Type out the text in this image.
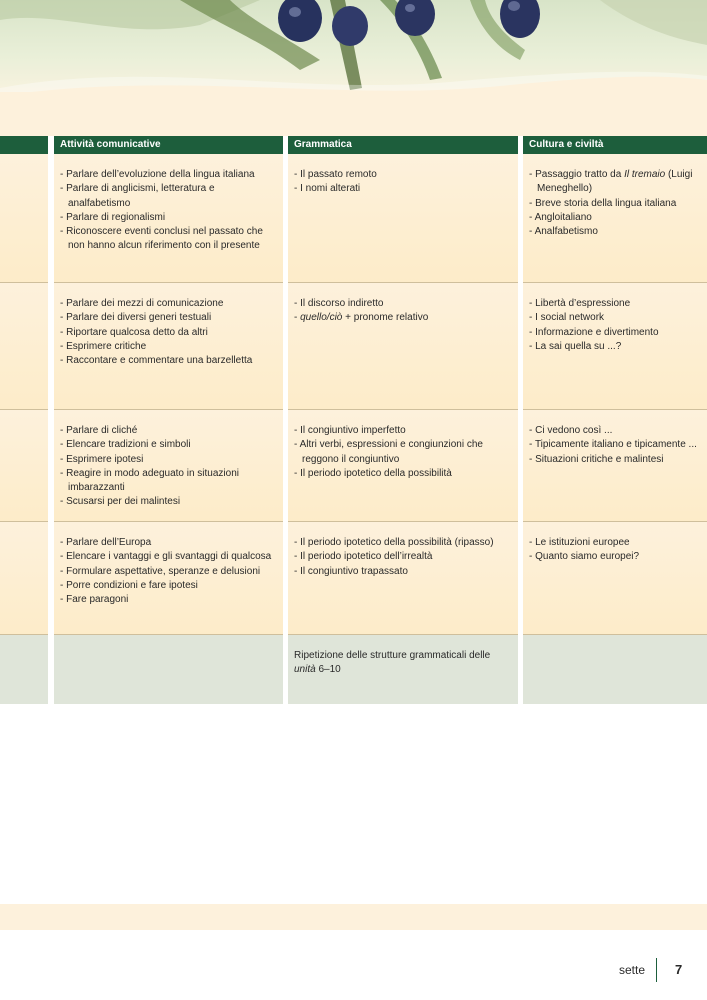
Attività comunicative	Grammatica	Cultura e civiltà
- Parlare dell’evoluzione della lingua italiana
- Parlare di anglicismi, letteratura e analfabetismo
- Parlare di regionalismi
- Riconoscere eventi conclusi nel passato che non hanno alcun riferimento con il presente
- Il passato remoto
- I nomi alterati
- Passaggio tratto da Il tremaio (Luigi Meneghello)
- Breve storia della lingua italiana
- Angloitaliano
- Analfabetismo
- Parlare dei mezzi di comunicazione
- Parlare dei diversi generi testuali
- Riportare qualcosa detto da altri
- Esprimere critiche
- Raccontare e commentare una barzelletta
- Il discorso indiretto
- quello/ciò + pronome relativo
- Libertà d’espressione
- I social network
- Informazione e divertimento
- La sai quella su ...?
- Parlare di cliché
- Elencare tradizioni e simboli
- Esprimere ipotesi
- Reagire in modo adeguato in situazioni imbarazzanti
- Scusarsi per dei malintesi
- Il congiuntivo imperfetto
- Altri verbi, espressioni e congiunzioni che reggono il congiuntivo
- Il periodo ipotetico della possibilità
- Ci vedono così ...
- Tipicamente italiano e tipicamente ...
- Situazioni critiche e malintesi
- Parlare dell’Europa
- Elencare i vantaggi e gli svantaggi di qualcosa
- Formulare aspettative, speranze e delusioni
- Porre condizioni e fare ipotesi
- Fare paragoni
- Il periodo ipotetico della possibilità (ripasso)
- Il periodo ipotetico dell’irrealtà
- Il congiuntivo trapassato
- Le istituzioni europee
- Quanto siamo europei?

Ripetizione delle strutture grammaticali delle unità 6–10

sette 7
